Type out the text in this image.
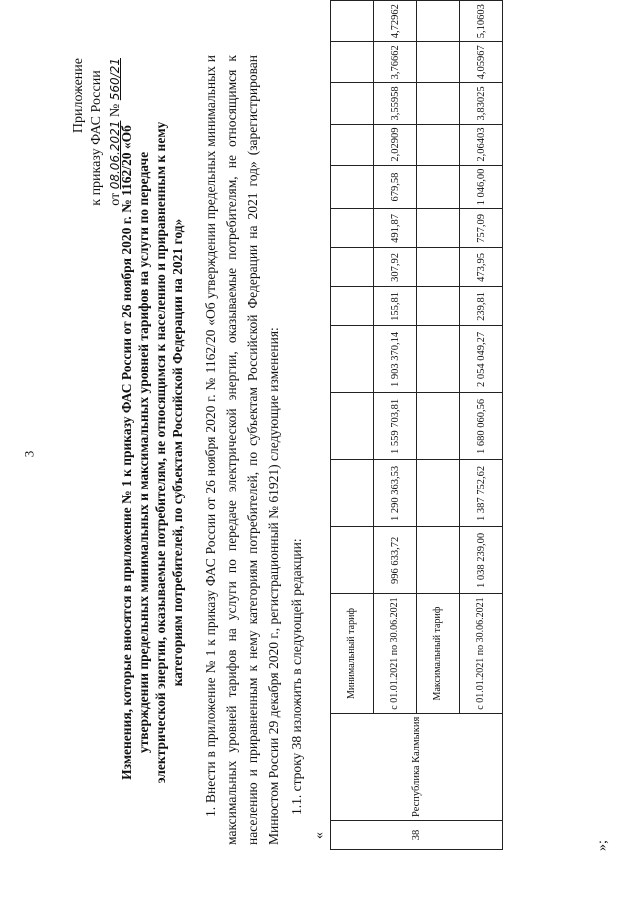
3
Приложение к приказу ФАС России от 08.06.2021 № 560/21
Изменения, которые вносятся в приложение № 1 к приказу ФАС России от 26 ноября 2020 г. № 1162/20 «Об утверждении предельных минимальных и максимальных уровней тарифов на услуги по передаче электрической энергии, оказываемые потребителям, не относящимся к населению и приравненным к нему категориям потребителей, по субъектам Российской Федерации на 2021 год» 1. Внести в приложение № 1 к приказу ФАС России от 26 ноября 2020 г. № 1162/20 «Об утверждении предельных минимальных и максимальных уровней тарифов на услуги по передаче электрической энергии, оказываемые потребителям, не относящимся к населению и приравненным к нему категориям потребителей, по субъектам Российской Федерации на 2021 год» (зарегистрирован Минюстом России 29 декабря 2020 г., регистрационный № 61921) следующие изменения: 1.1. строку 38 изложить в следующей редакции:
«	38	Республика Калмыкия	Минимальный тариф												
		с 01.01.2021 по 30.06.2021	996 633,72	1 290 363,53	1 559 703,81	1 903 370,14	155,81	307,92	491,87	679,58	2,02909	3,55958	3,76662	4,72962
		Максимальный тариф												
		с 01.01.2021 по 30.06.2021	1 038 239,00	1 387 752,62	1 680 060,56	2 054 049,27	239,81	473,95	757,09	1 046,00	2,06403	3,83025	4,05967	5,10603
»;
